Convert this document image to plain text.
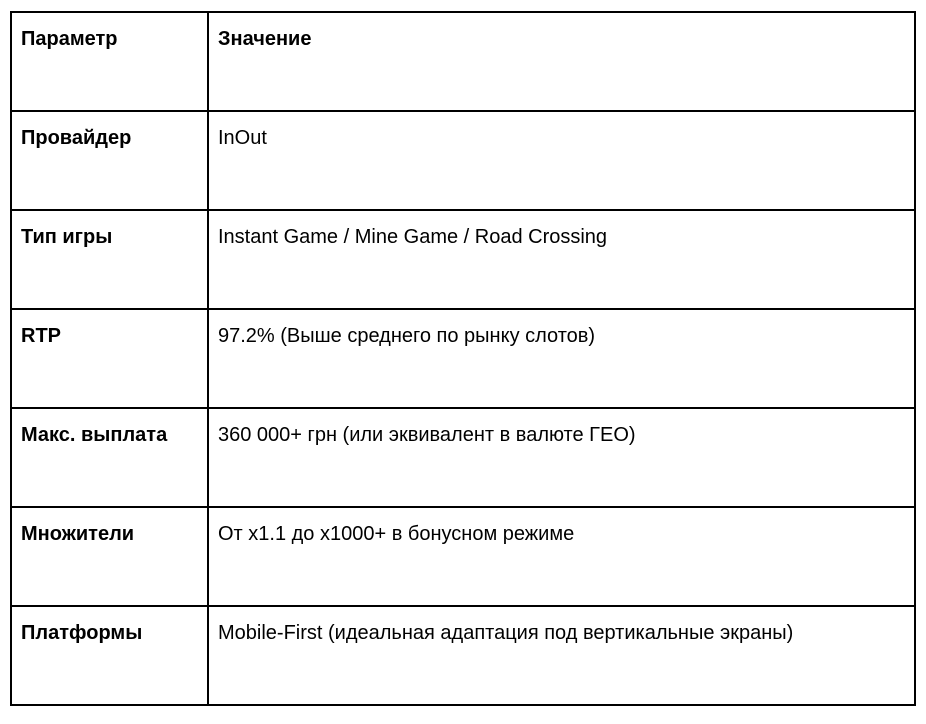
Параметр	Значение
Провайдер	InOut
Тип игры	Instant Game / Mine Game / Road Crossing
RTP	97.2% (Выше среднего по рынку слотов)
Макс. выплата	360 000+ грн (или эквивалент в валюте ГЕО)
Множители	От x1.1 до x1000+ в бонусном режиме
Платформы	Mobile-First (идеальная адаптация под вертикальные экраны)
